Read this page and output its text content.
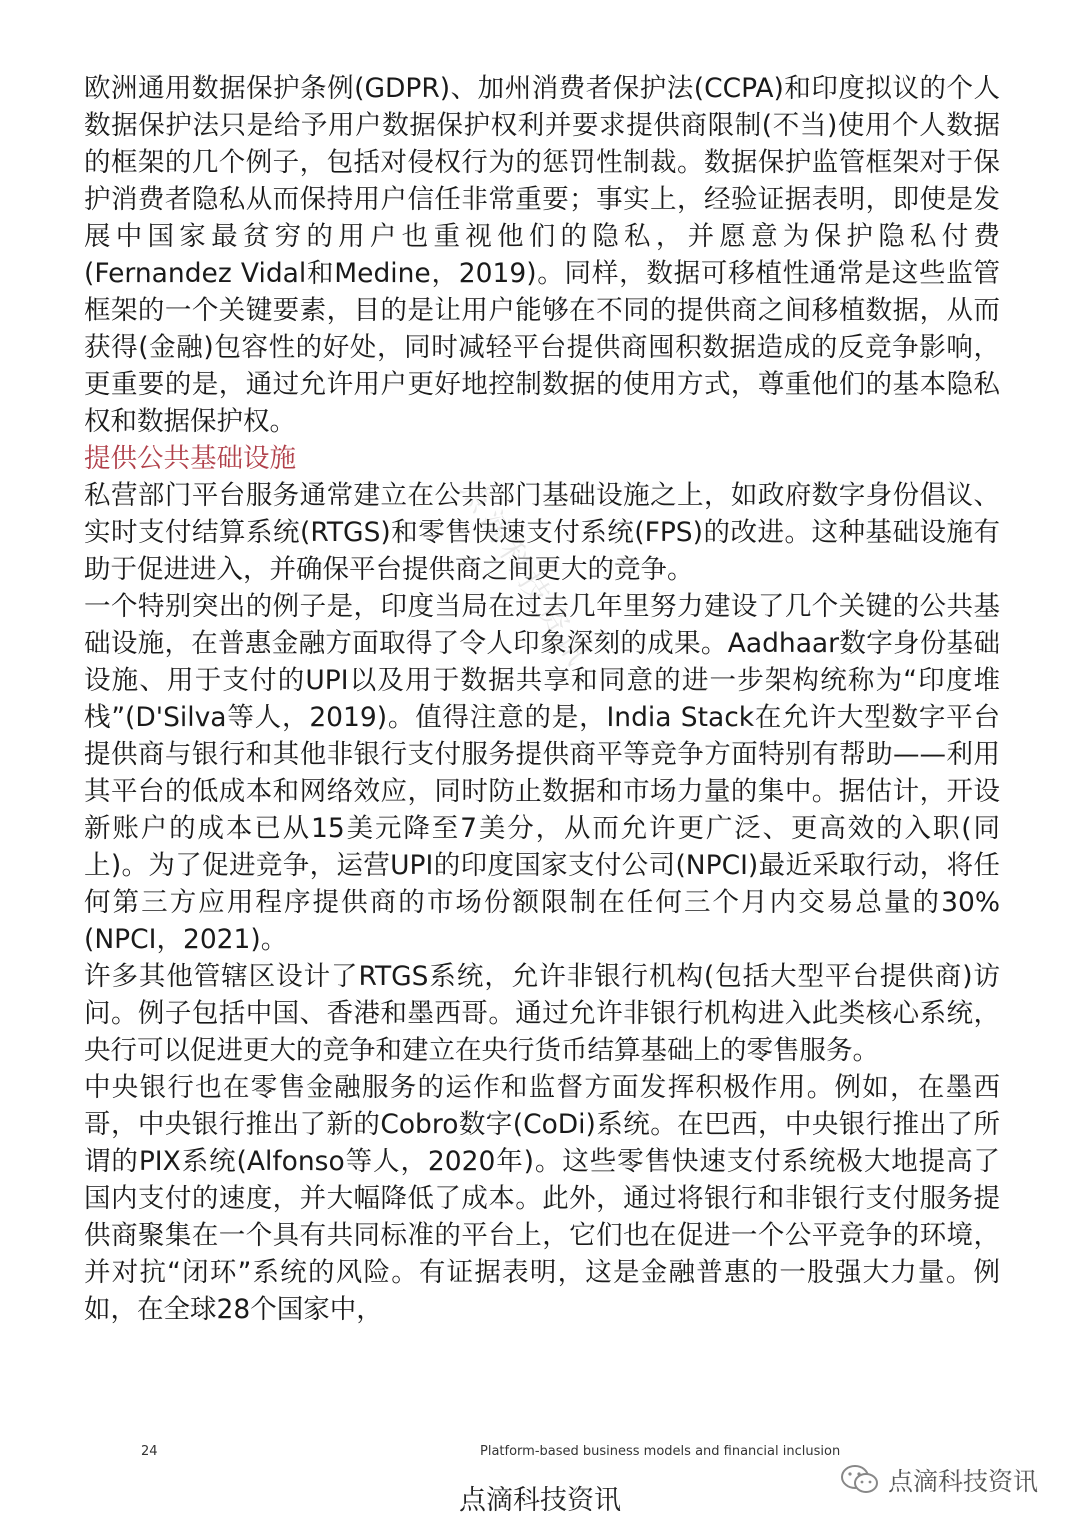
欧洲通用数据保护条例(GDPR)、加州消费者保护法(CCPA)和印度拟议的个人数据保护法只是给予用户数据保护权利并要求提供商限制(不当)使用个人数据的框架的几个例子，包括对侵权行为的惩罚性制裁。数据保护监管框架对于保护消费者隐私从而保持用户信任非常重要；事实上，经验证据表明，即使是发展中国家最贫穷的用户也重视他们的隐私，并愿意为保护隐私付费(Fernandez Vidal和Medine，2019)。同样，数据可移植性通常是这些监管框架的一个关键要素，目的是让用户能够在不同的提供商之间移植数据，从而获得(金融)包容性的好处，同时减轻平台提供商囤积数据造成的反竞争影响，更重要的是，通过允许用户更好地控制数据的使用方式，尊重他们的基本隐私权和数据保护权。

提供公共基础设施

私营部门平台服务通常建立在公共部门基础设施之上，如政府数字身份倡议、实时支付结算系统(RTGS)和零售快速支付系统(FPS)的改进。这种基础设施有助于促进进入，并确保平台提供商之间更大的竞争。

一个特别突出的例子是，印度当局在过去几年里努力建设了几个关键的公共基础设施，在普惠金融方面取得了令人印象深刻的成果。Aadhaar数字身份基础设施、用于支付的UPI以及用于数据共享和同意的进一步架构统称为“印度堆栈”(D'Silva等人，2019)。值得注意的是，India Stack在允许大型数字平台提供商与银行和其他非银行支付服务提供商平等竞争方面特别有帮助——利用其平台的低成本和网络效应，同时防止数据和市场力量的集中。据估计，开设新账户的成本已从15美元降至7美分，从而允许更广泛、更高效的入职(同上)。为了促进竞争，运营UPI的印度国家支付公司(NPCI)最近采取行动，将任何第三方应用程序提供商的市场份额限制在任何三个月内交易总量的30%(NPCI，2021)。

许多其他管辖区设计了RTGS系统，允许非银行机构(包括大型平台提供商)访问。例子包括中国、香港和墨西哥。通过允许非银行机构进入此类核心系统，央行可以促进更大的竞争和建立在央行货币结算基础上的零售服务。

中央银行也在零售金融服务的运作和监督方面发挥积极作用。例如，在墨西哥，中央银行推出了新的Cobro数字(CoDi)系统。在巴西，中央银行推出了所谓的PIX系统(Alfonso等人，2020年)。这些零售快速支付系统极大地提高了国内支付的速度，并大幅降低了成本。此外，通过将银行和非银行支付服务提供商聚集在一个具有共同标准的平台上，它们也在促进一个公平竞争的环境，并对抗“闭环”系统的风险。有证据表明，这是金融普惠的一股强大力量。例如，在全球28个国家中，

点滴科技资讯
24	Platform-based business models and financial inclusion
点滴科技资讯
点滴科技资讯
